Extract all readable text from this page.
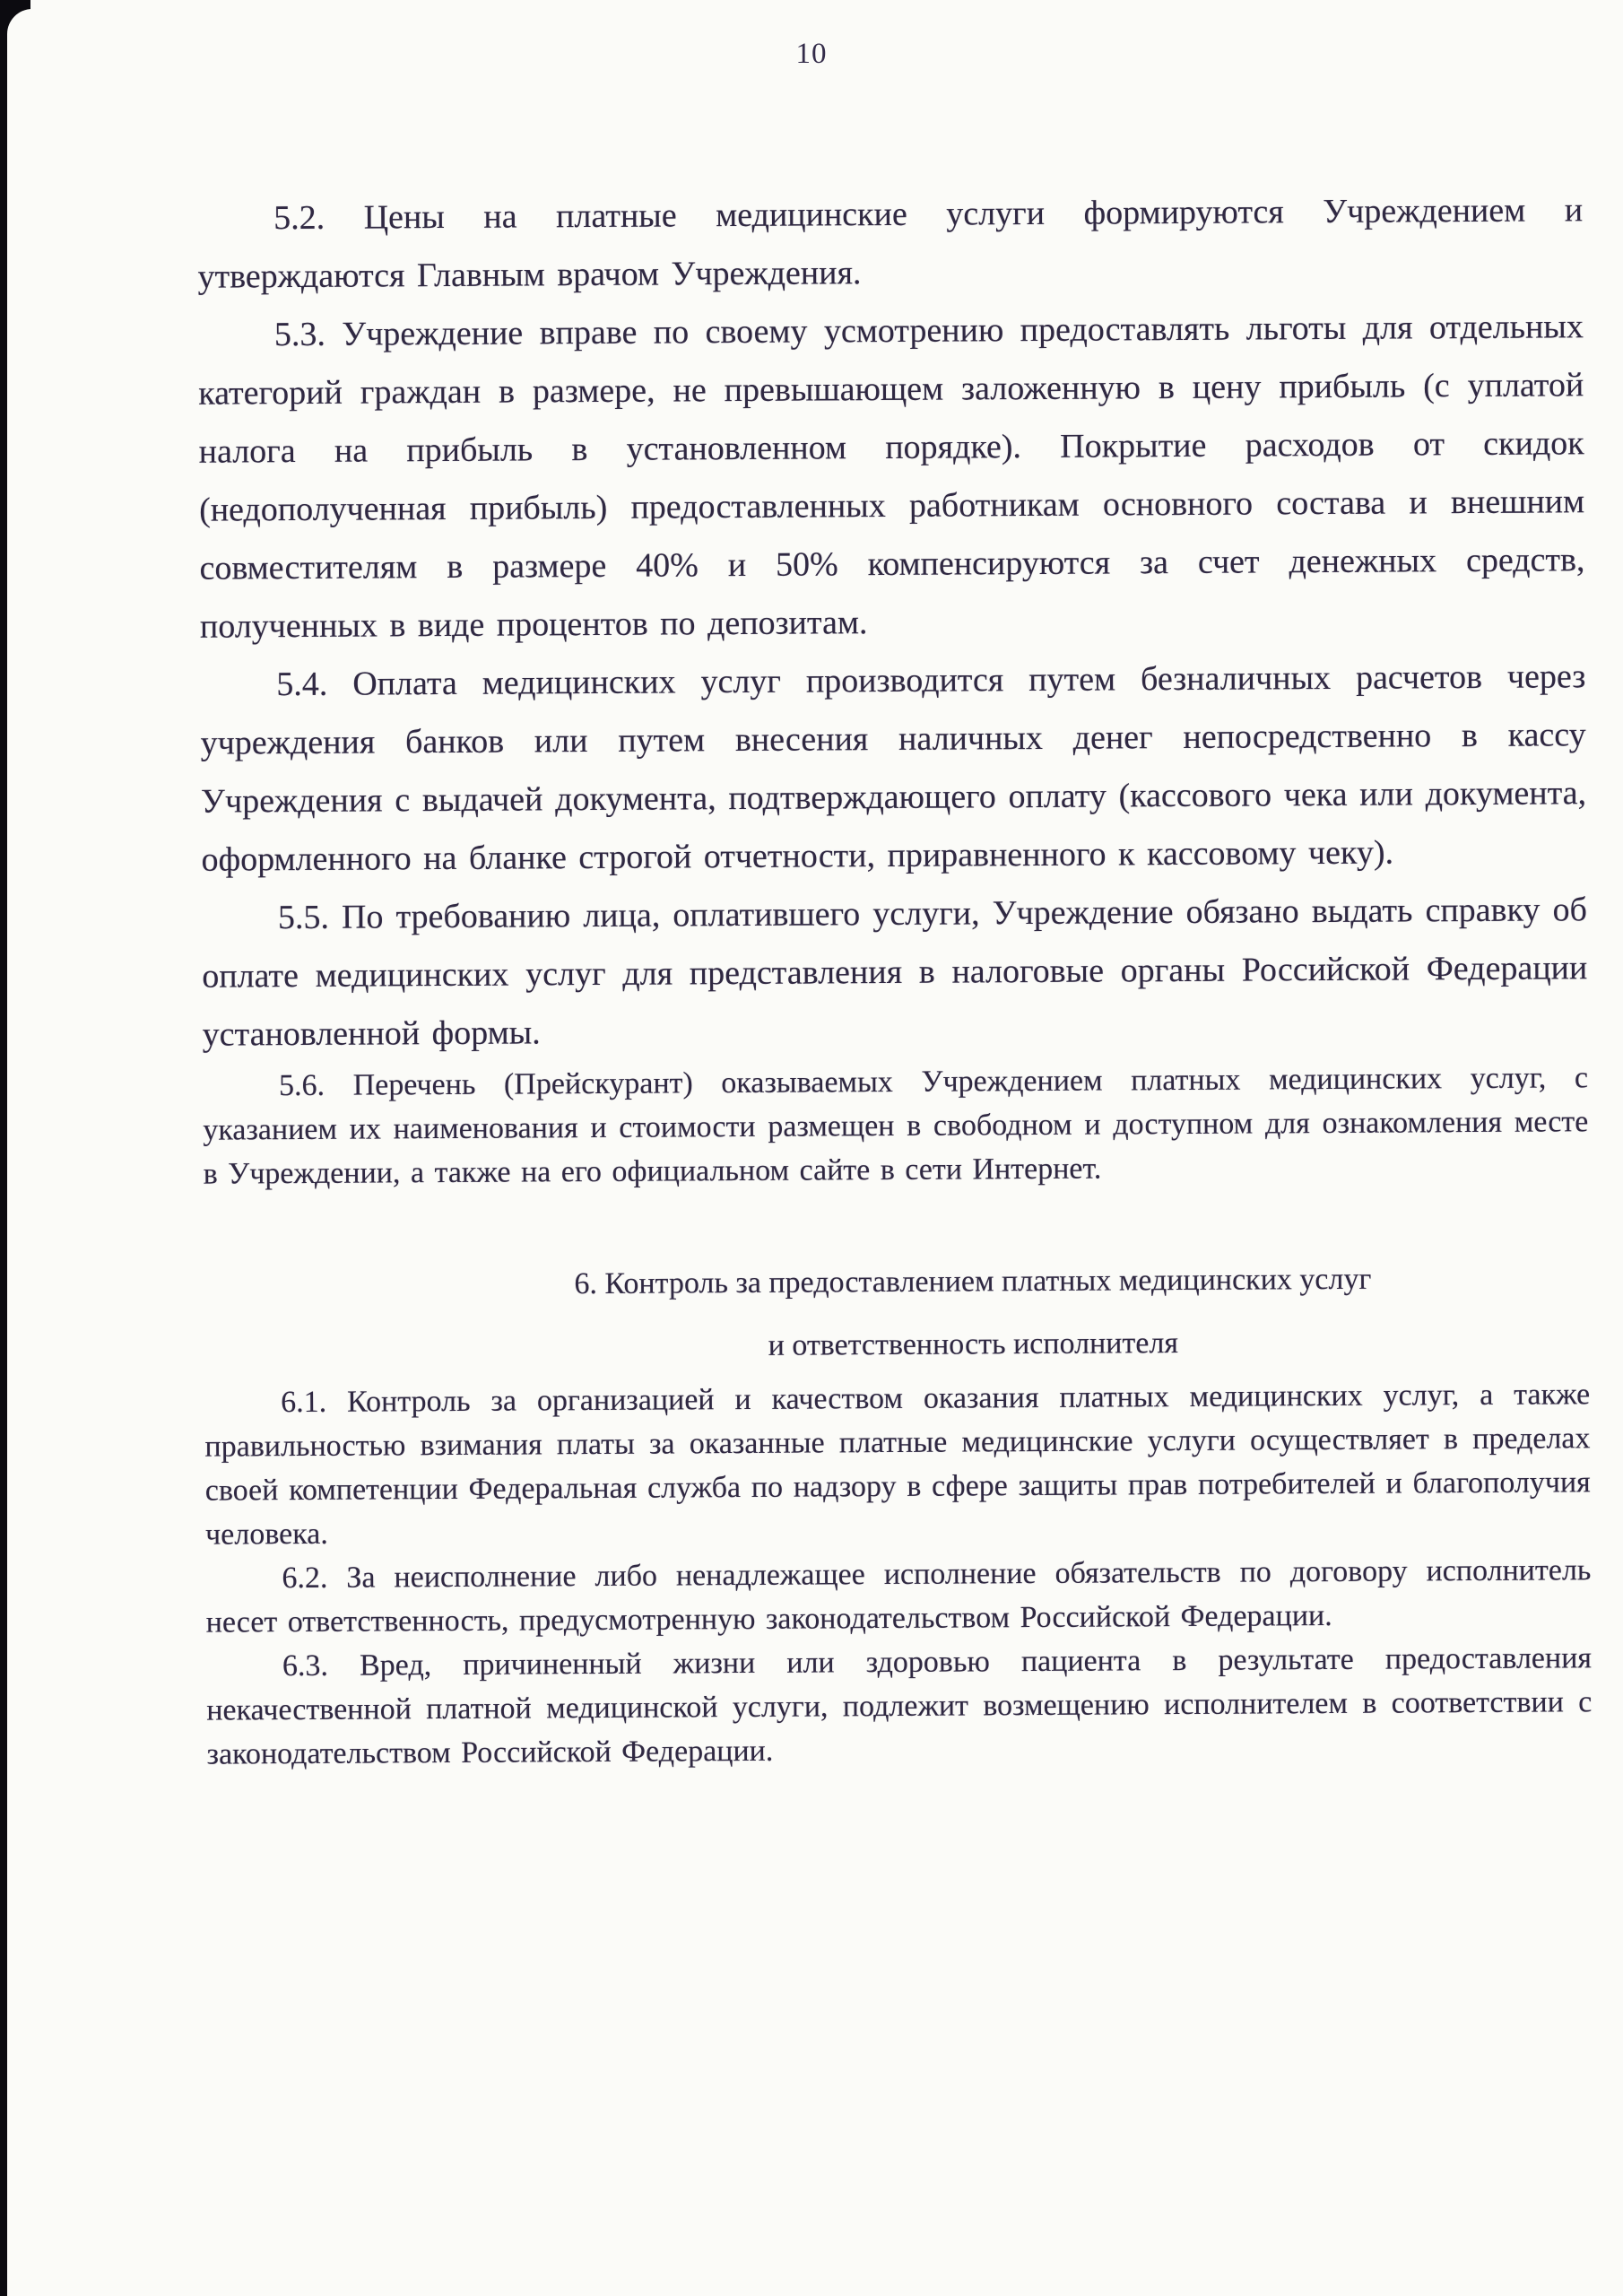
10

5.2. Цены на платные медицинские услуги формируются Учреждением и утверждаются Главным врачом Учреждения.

5.3. Учреждение вправе по своему усмотрению предоставлять льготы для отдельных категорий граждан в размере, не превышающем заложенную в цену прибыль (с уплатой налога на прибыль в установленном порядке). Покрытие расходов от скидок (недополученная прибыль) предоставленных работникам основного состава и внешним совместителям в размере 40% и 50% компенсируются за счет денежных средств, полученных в виде процентов по депозитам.

5.4. Оплата медицинских услуг производится путем безналичных расчетов через учреждения банков или путем внесения наличных денег непосредственно в кассу Учреждения с выдачей документа, подтверждающего оплату (кассового чека или документа, оформленного на бланке строгой отчетности, приравненного к кассовому чеку).

5.5. По требованию лица, оплатившего услуги, Учреждение обязано выдать справку об оплате медицинских услуг для представления в налоговые органы Российской Федерации установленной формы.

5.6. Перечень (Прейскурант) оказываемых Учреждением платных медицинских услуг, с указанием их наименования и стоимости размещен в свободном и доступном для ознакомления месте в Учреждении, а также на его официальном сайте в сети Интернет.

6. Контроль за предоставлением платных медицинских услуг
и ответственность исполнителя

6.1. Контроль за организацией и качеством оказания платных медицинских услуг, а также правильностью взимания платы за оказанные платные медицинские услуги осуществляет в пределах своей компетенции Федеральная служба по надзору в сфере защиты прав потребителей и благополучия человека.

6.2. За неисполнение либо ненадлежащее исполнение обязательств по договору исполнитель несет ответственность, предусмотренную законодательством Российской Федерации.

6.3. Вред, причиненный жизни или здоровью пациента в результате предоставления некачественной платной медицинской услуги, подлежит возмещению исполнителем в соответствии с законодательством Российской Федерации.
